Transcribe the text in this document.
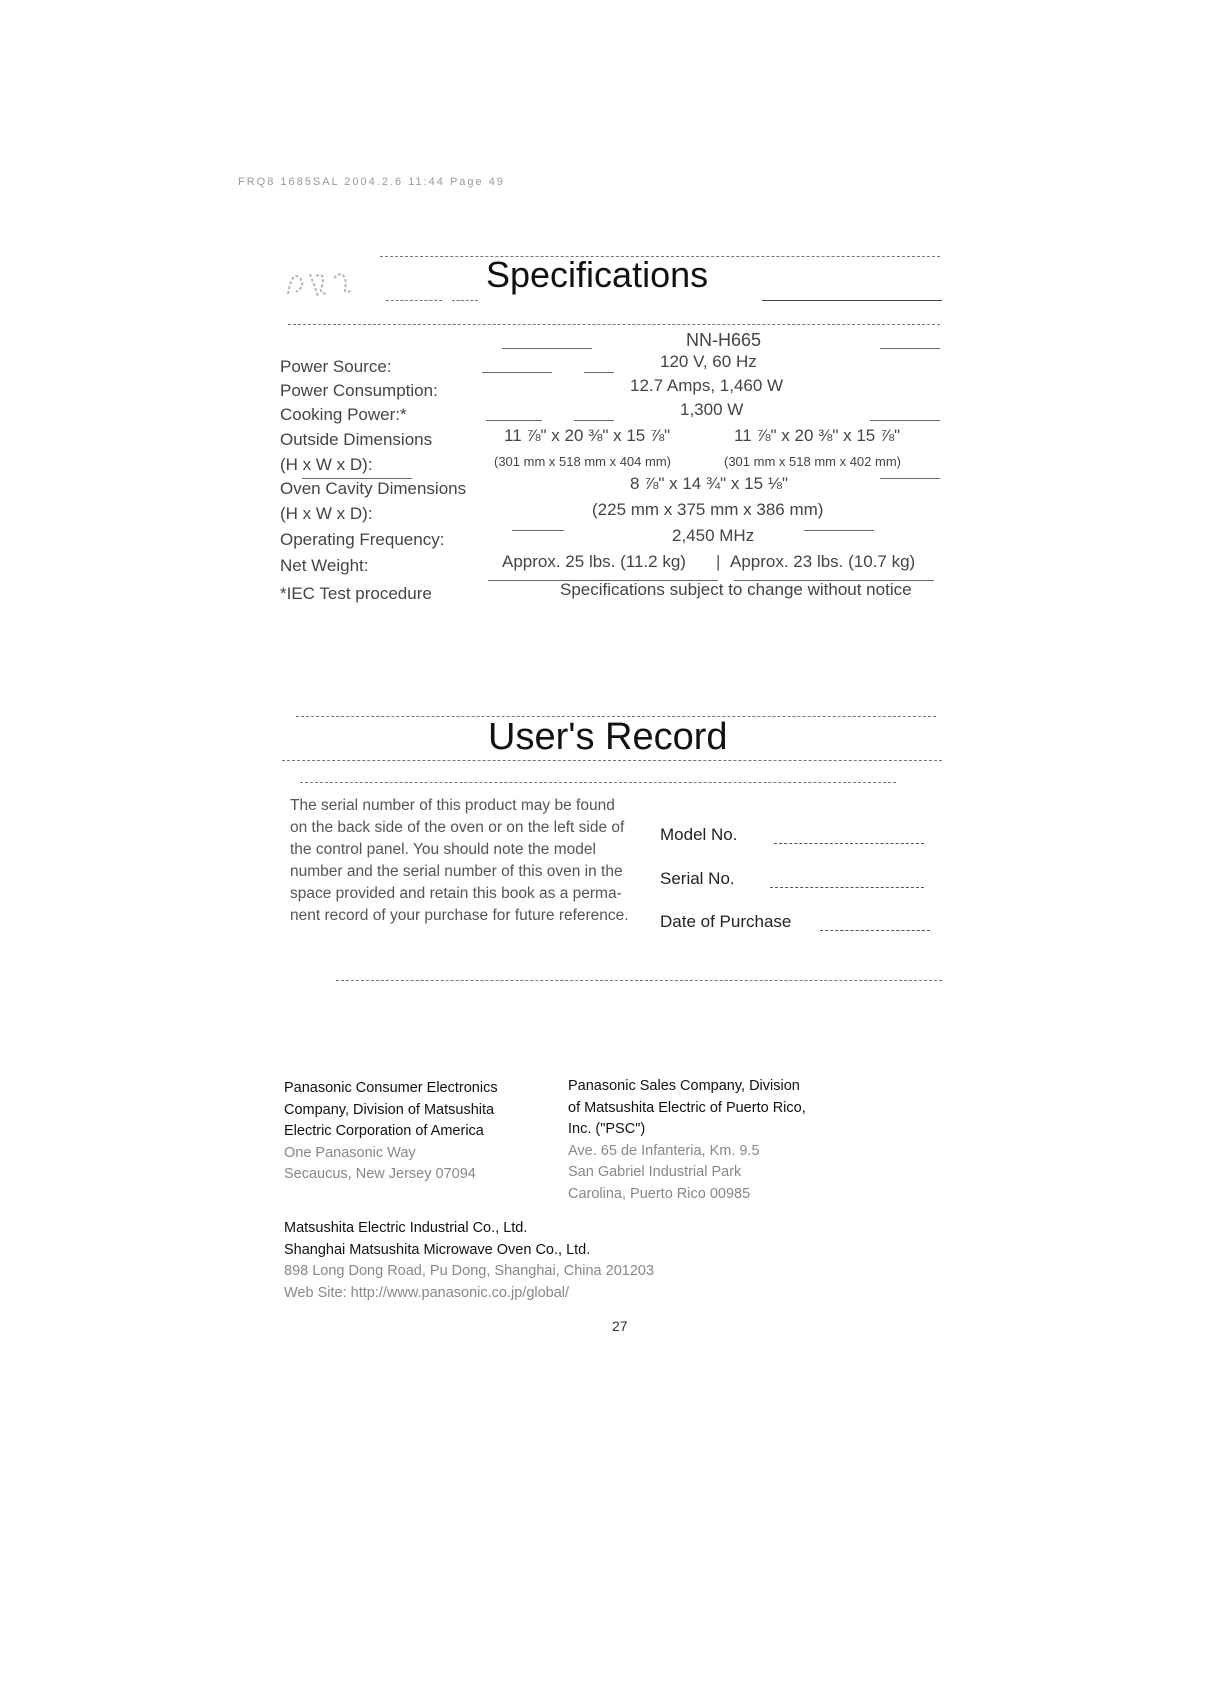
FRQ8 1685SAL 2004.2.6 11:44 Page 49
Specifications
NN-H665
Power Source:	120 V, 60 Hz
Power Consumption:	12.7 Amps, 1,460 W
Cooking Power:*	1,300 W
Outside Dimensions	11 ⅞" x 20 ⅜" x 15 ⅞"	11 ⅞" x 20 ⅜" x 15 ⅞"
(H x W x D):	(301 mm x 518 mm x 404 mm)	(301 mm x 518 mm x 402 mm)
Oven Cavity Dimensions	8 ⅞" x 14 ¾" x 15 ⅛"
(H x W x D):	(225 mm x 375 mm x 386 mm)
Operating Frequency:	2,450 MHz
Net Weight:	Approx. 25 lbs. (11.2 kg) | Approx. 23 lbs. (10.7 kg)
*IEC Test procedure	Specifications subject to change without notice
User's Record
The serial number of this product may be found on the back side of the oven or on the left side of the control panel. You should note the model number and the serial number of this oven in the space provided and retain this book as a perma-nent record of your purchase for future reference.
Model No.
Serial No.
Date of Purchase
Panasonic Consumer Electronics
Company, Division of Matsushita
Electric Corporation of America
One Panasonic Way
Secaucus, New Jersey 07094
Panasonic Sales Company, Division
of Matsushita Electric of Puerto Rico,
Inc. ("PSC")
Ave. 65 de Infanteria, Km. 9.5
San Gabriel Industrial Park
Carolina, Puerto Rico 00985
Matsushita Electric Industrial Co., Ltd.
Shanghai Matsushita Microwave Oven Co., Ltd.
898 Long Dong Road, Pu Dong, Shanghai, China 201203
Web Site: http://www.panasonic.co.jp/global/
27
